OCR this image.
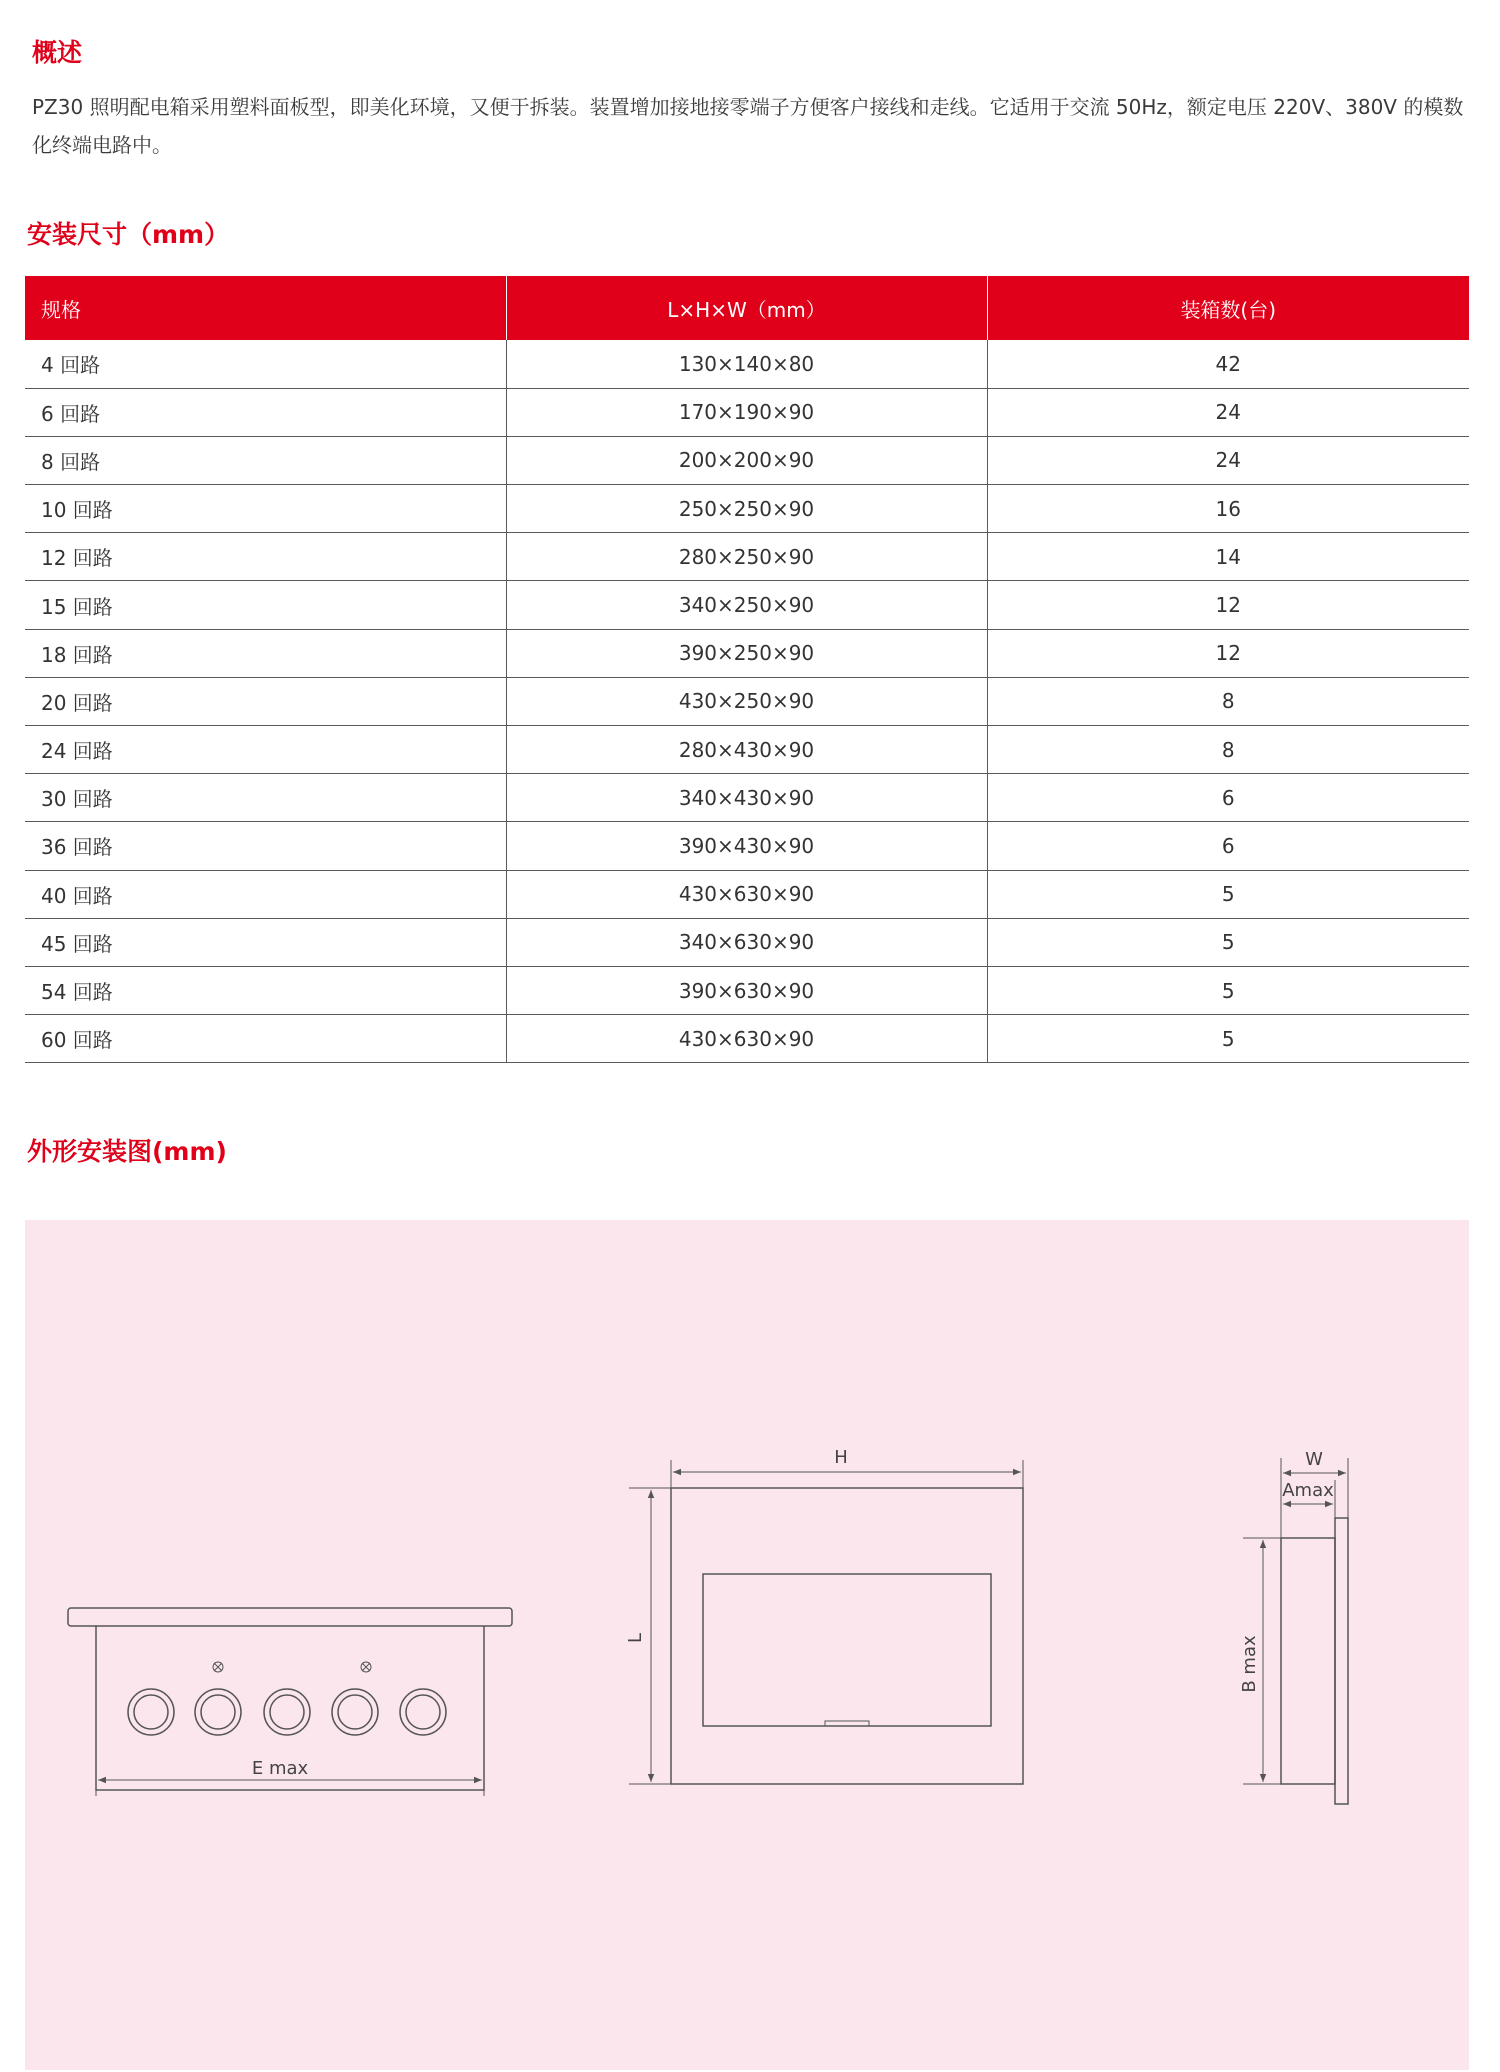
概述

PZ30 照明配电箱采用塑料面板型，即美化环境，又便于拆装。装置增加接地接零端子方便客户接线和走线。它适用于交流 50Hz，额定电压 220V、380V 的模数化终端电路中。

安装尺寸（mm）
规格	L×H×W（mm）	装箱数(台)
4 回路	130×140×80	42
6 回路	170×190×90	24
8 回路	200×200×90	24
10 回路	250×250×90	16
12 回路	280×250×90	14
15 回路	340×250×90	12
18 回路	390×250×90	12
20 回路	430×250×90	8
24 回路	280×430×90	8
30 回路	340×430×90	6
36 回路	390×430×90	6
40 回路	430×630×90	5
45 回路	340×630×90	5
54 回路	390×630×90	5
60 回路	430×630×90	5
外形安装图(mm)
E max
H
L
W
Amax
B max
